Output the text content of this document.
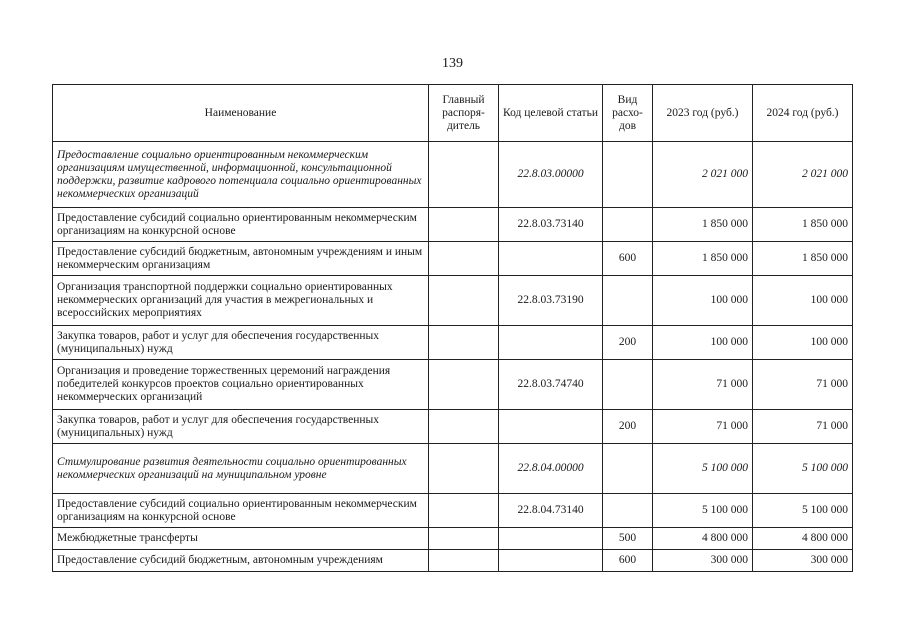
139
Наименование	Главный распоря-дитель	Код целевой статьи	Вид расхо-дов	2023 год (руб.)	2024 год (руб.)
Предоставление социально ориентированным некоммерческим организациям имущественной, информационной, консультационной поддержки, развитие кадрового потенциала социально ориентированных некоммерческих организаций		22.8.03.00000		2 021 000	2 021 000
Предоставление субсидий социально ориентированным некоммерческим организациям на конкурсной основе		22.8.03.73140		1 850 000	1 850 000
Предоставление субсидий бюджетным, автономным учреждениям и иным некоммерческим организациям			600	1 850 000	1 850 000
Организация транспортной поддержки социально ориентированных некоммерческих организаций для участия в межрегиональных и всероссийских мероприятиях		22.8.03.73190		100 000	100 000
Закупка товаров, работ и услуг для обеспечения государственных (муниципальных) нужд			200	100 000	100 000
Организация и проведение торжественных церемоний награждения победителей конкурсов проектов социально ориентированных некоммерческих организаций		22.8.03.74740		71 000	71 000
Закупка товаров, работ и услуг для обеспечения государственных (муниципальных) нужд			200	71 000	71 000
Стимулирование развития деятельности социально ориентированных некоммерческих организаций на муниципальном уровне		22.8.04.00000		5 100 000	5 100 000
Предоставление субсидий социально ориентированным некоммерческим организациям на конкурсной основе		22.8.04.73140		5 100 000	5 100 000
Межбюджетные трансферты			500	4 800 000	4 800 000
Предоставление субсидий бюджетным, автономным учреждениям			600	300 000	300 000
